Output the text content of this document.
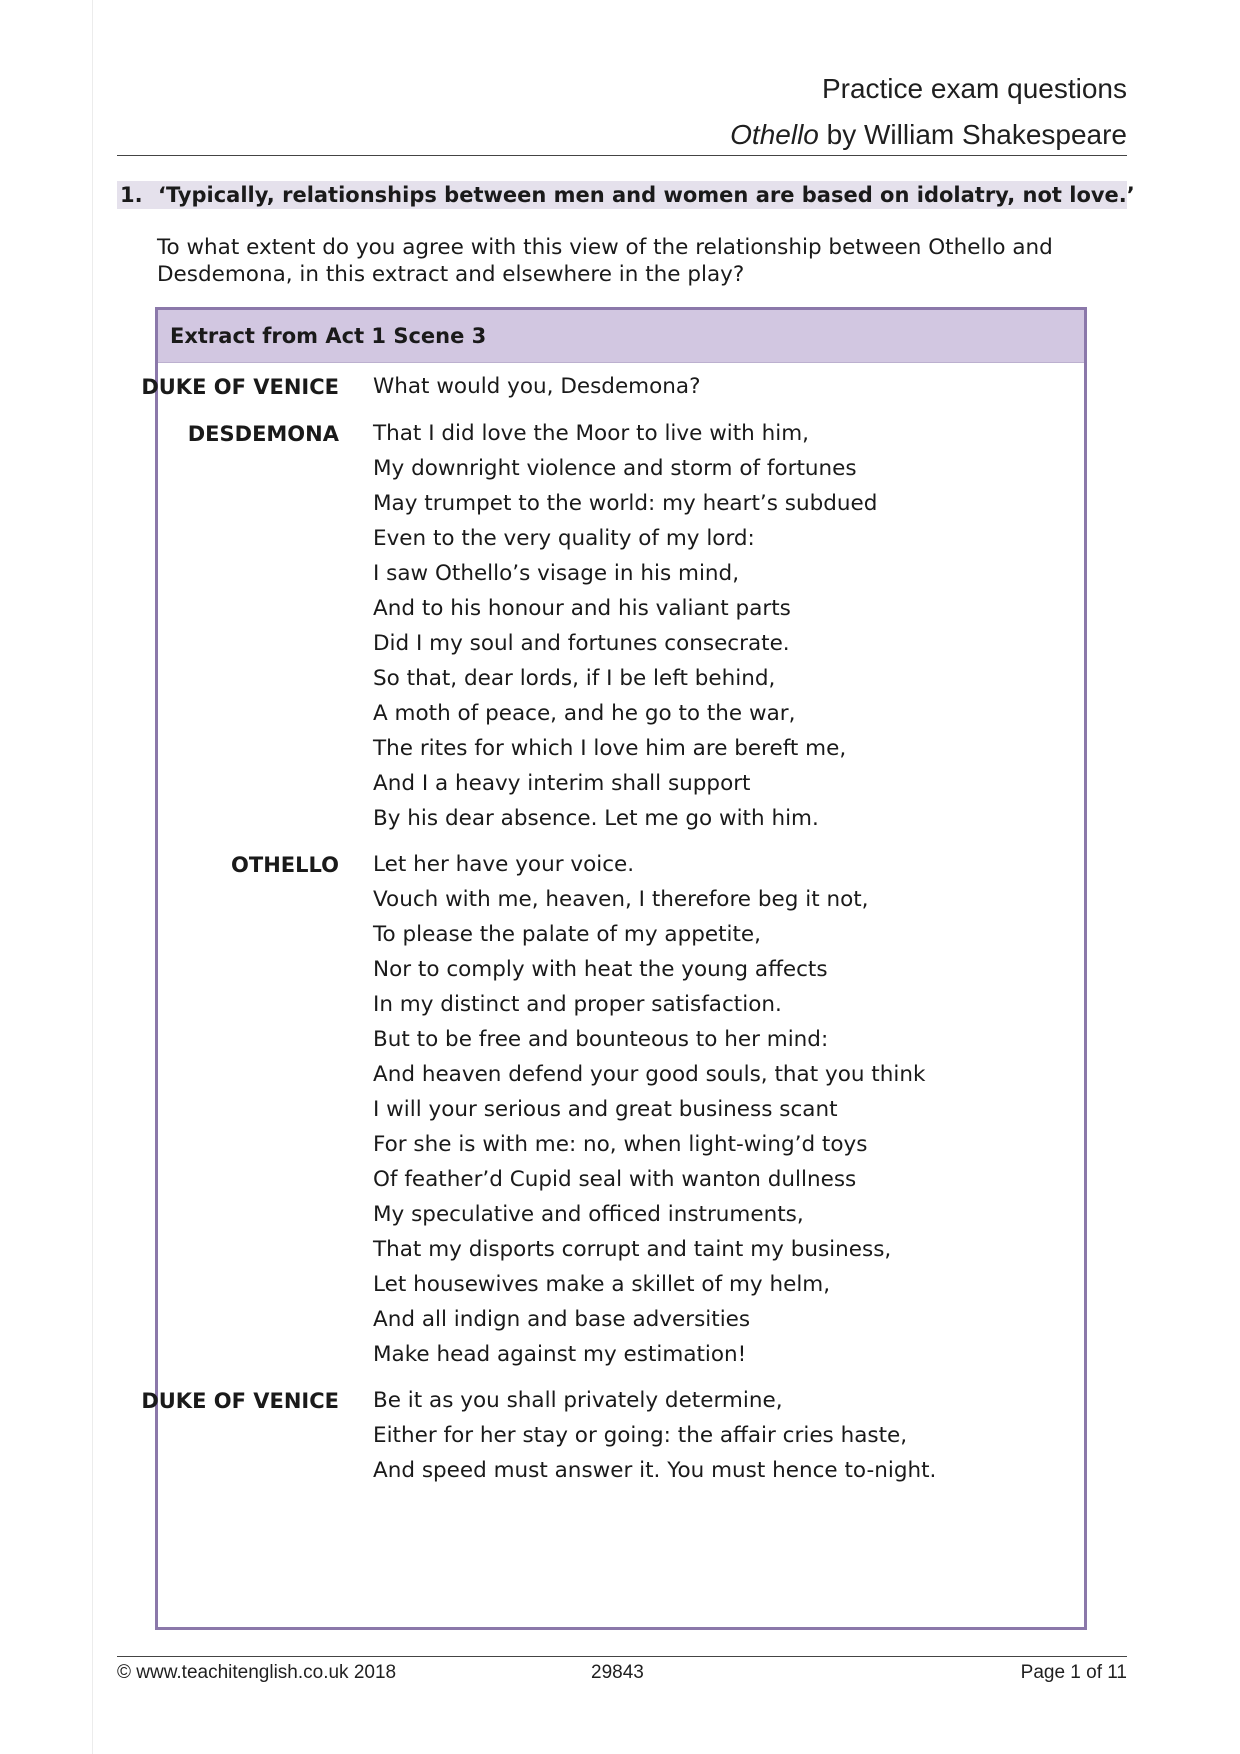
Practice exam questions
Othello by William Shakespeare
1. ‘Typically, relationships between men and women are based on idolatry, not love.’
To what extent do you agree with this view of the relationship between Othello and Desdemona, in this extract and elsewhere in the play?
Extract from Act 1 Scene 3
DUKE OF VENICE What would you, Desdemona?
DESDEMONA That I did love the Moor to live with him,
My downright violence and storm of fortunes
May trumpet to the world: my heart’s subdued
Even to the very quality of my lord:
I saw Othello’s visage in his mind,
And to his honour and his valiant parts
Did I my soul and fortunes consecrate.
So that, dear lords, if I be left behind,
A moth of peace, and he go to the war,
The rites for which I love him are bereft me,
And I a heavy interim shall support
By his dear absence. Let me go with him.
OTHELLO Let her have your voice.
Vouch with me, heaven, I therefore beg it not,
To please the palate of my appetite,
Nor to comply with heat the young affects
In my distinct and proper satisfaction.
But to be free and bounteous to her mind:
And heaven defend your good souls, that you think
I will your serious and great business scant
For she is with me: no, when light-wing’d toys
Of feather’d Cupid seal with wanton dullness
My speculative and officed instruments,
That my disports corrupt and taint my business,
Let housewives make a skillet of my helm,
And all indign and base adversities
Make head against my estimation!
DUKE OF VENICE Be it as you shall privately determine,
Either for her stay or going: the affair cries haste,
And speed must answer it. You must hence to-night.
© www.teachitenglish.co.uk 2018	29843	Page 1 of 11
